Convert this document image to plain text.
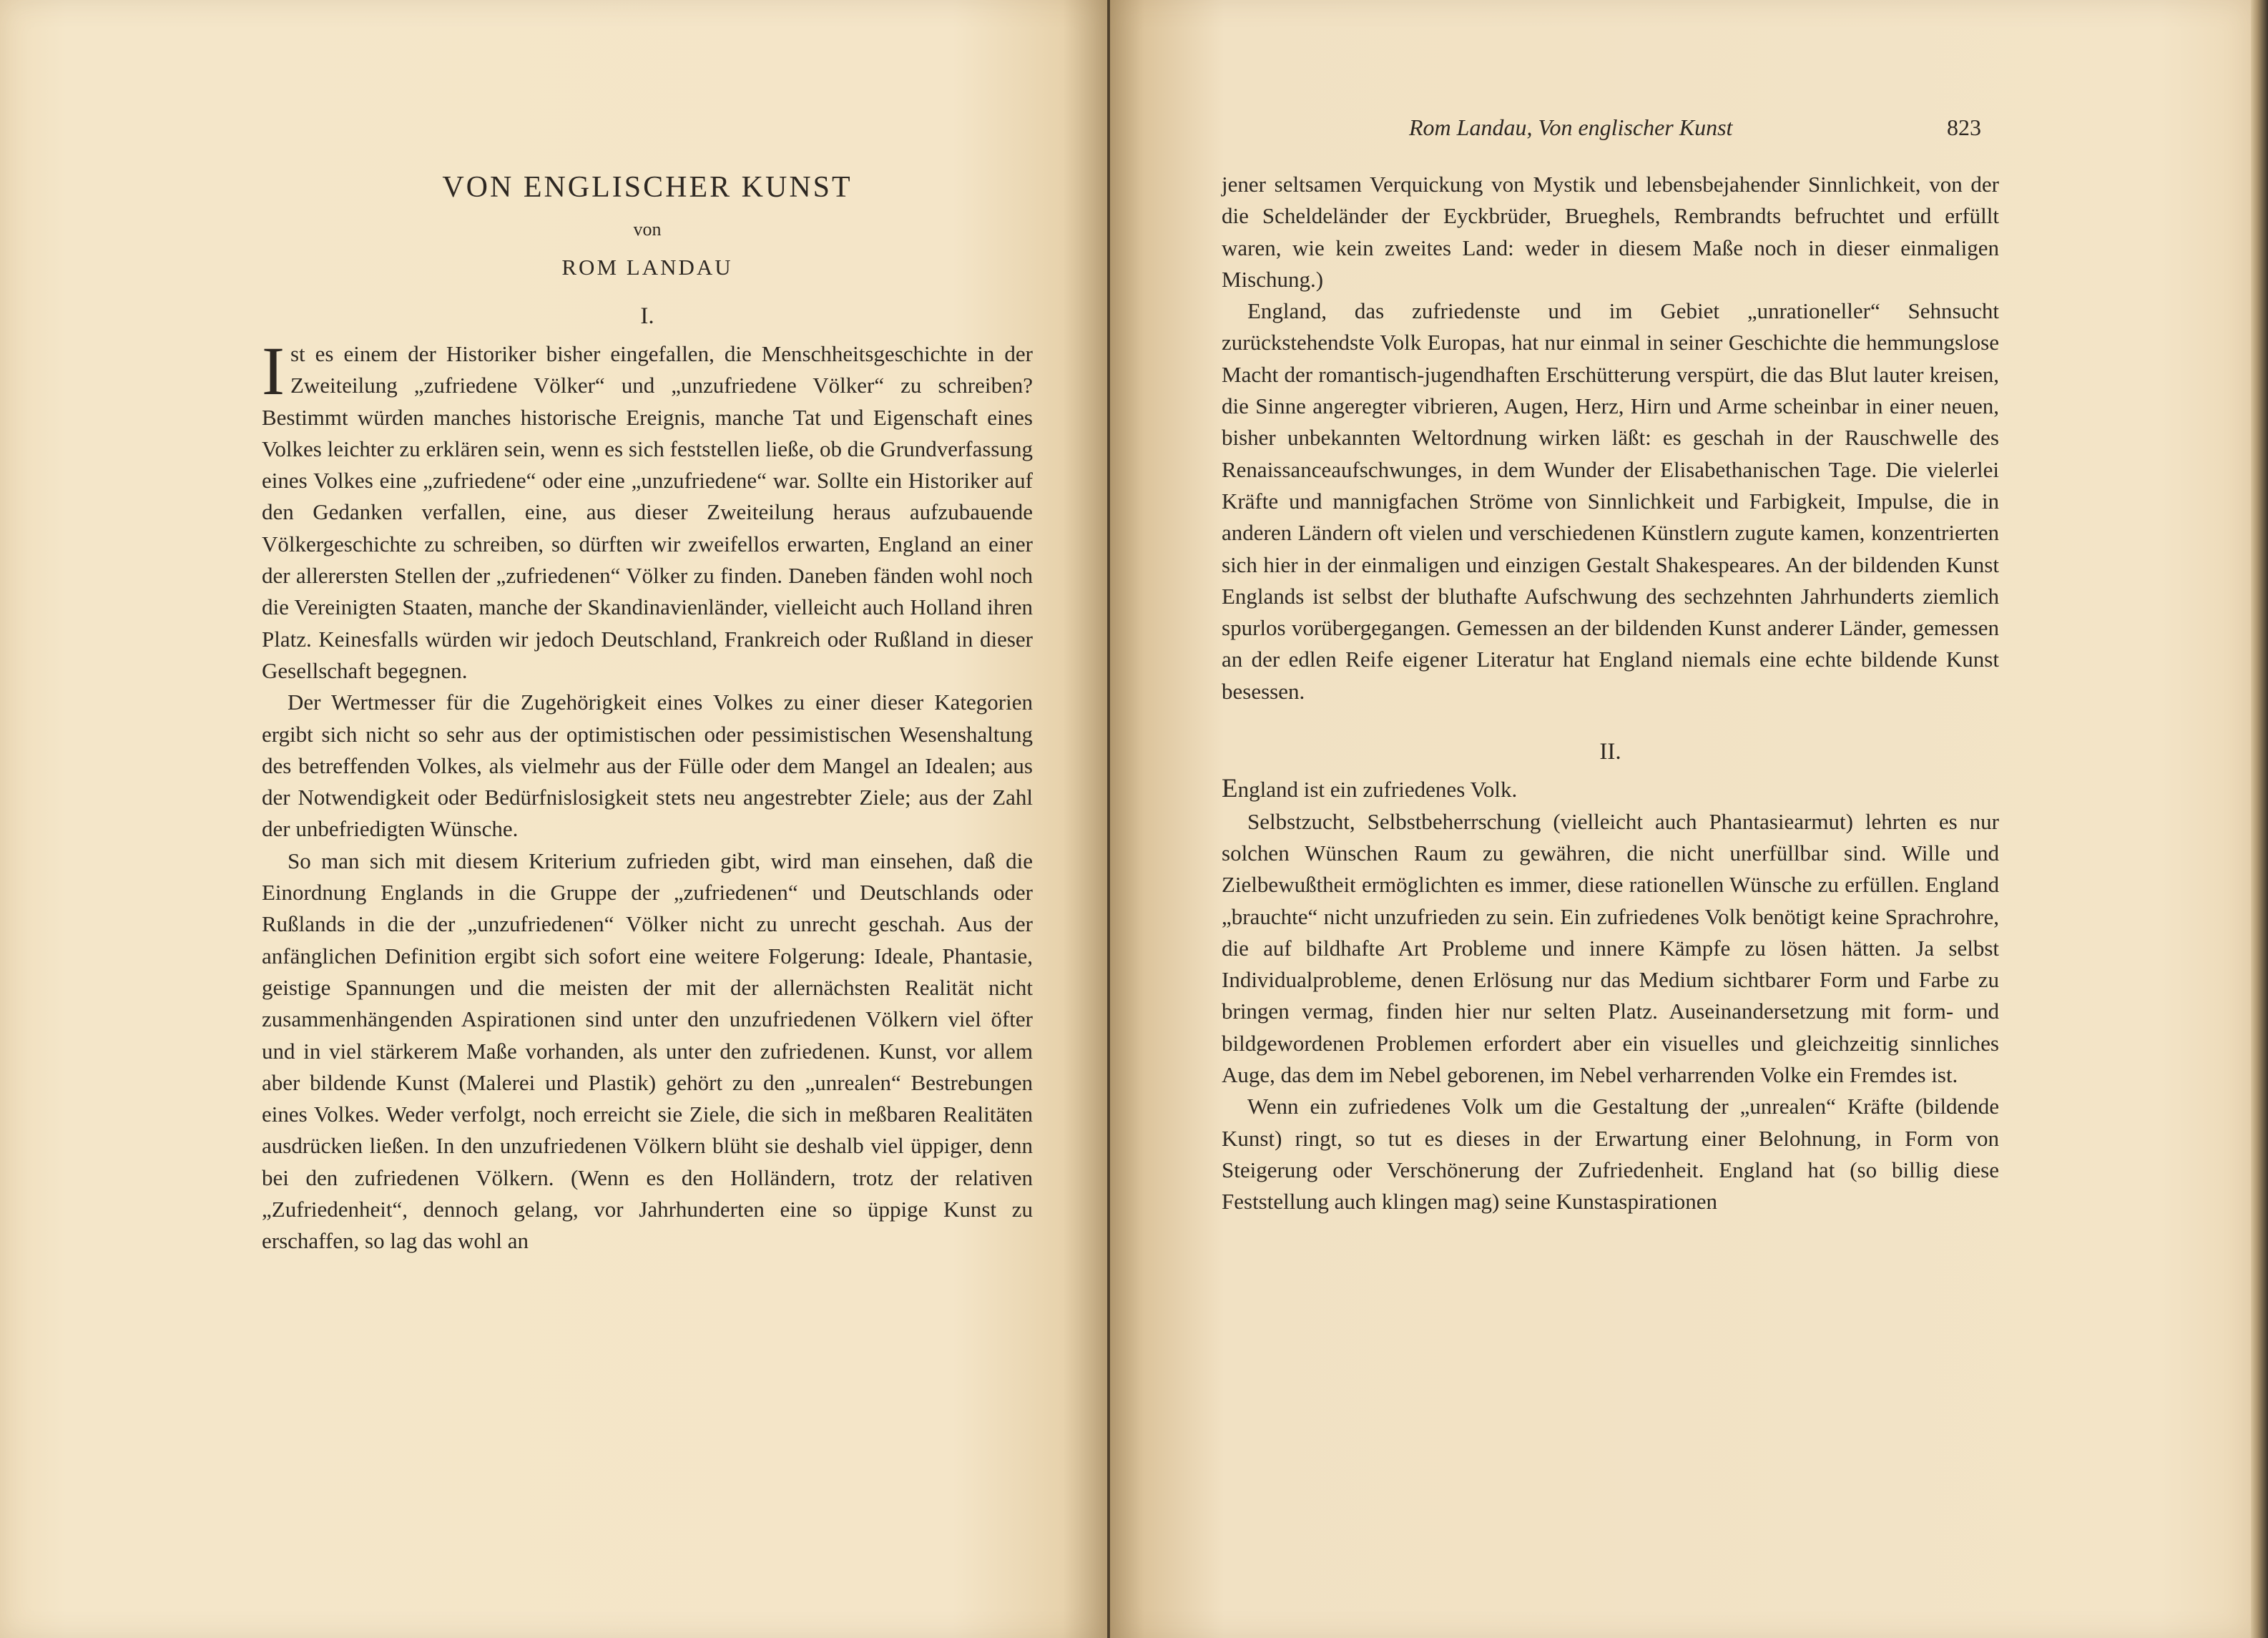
VON ENGLISCHER KUNST
von
ROM LANDAU
I.

Ist es einem der Historiker bisher eingefallen, die Menschheitsgeschichte in der Zweiteilung „zufriedene Völker“ und „unzufriedene Völker“ zu schreiben? Bestimmt würden manches historische Ereignis, manche Tat und Eigenschaft eines Volkes leichter zu erklären sein, wenn es sich feststellen ließe, ob die Grundverfassung eines Volkes eine „zufriedene“ oder eine „unzufriedene“ war. Sollte ein Historiker auf den Gedanken verfallen, eine, aus dieser Zweiteilung heraus aufzubauende Völkergeschichte zu schreiben, so dürften wir zweifellos erwarten, England an einer der allerersten Stellen der „zufriedenen“ Völker zu finden. Daneben fänden wohl noch die Vereinigten Staaten, manche der Skandinavienländer, vielleicht auch Holland ihren Platz. Keinesfalls würden wir jedoch Deutschland, Frankreich oder Rußland in dieser Gesellschaft begegnen.

Der Wertmesser für die Zugehörigkeit eines Volkes zu einer dieser Kategorien ergibt sich nicht so sehr aus der optimistischen oder pessimistischen Wesenshaltung des betreffenden Volkes, als vielmehr aus der Fülle oder dem Mangel an Idealen; aus der Notwendigkeit oder Bedürfnislosigkeit stets neu angestrebter Ziele; aus der Zahl der unbefriedigten Wünsche.

So man sich mit diesem Kriterium zufrieden gibt, wird man einsehen, daß die Einordnung Englands in die Gruppe der „zufriedenen“ und Deutschlands oder Rußlands in die der „unzufriedenen“ Völker nicht zu unrecht geschah. Aus der anfänglichen Definition ergibt sich sofort eine weitere Folgerung: Ideale, Phantasie, geistige Spannungen und die meisten der mit der allernächsten Realität nicht zusammenhängenden Aspirationen sind unter den unzufriedenen Völkern viel öfter und in viel stärkerem Maße vorhanden, als unter den zufriedenen. Kunst, vor allem aber bildende Kunst (Malerei und Plastik) gehört zu den „unrealen“ Bestrebungen eines Volkes. Weder verfolgt, noch erreicht sie Ziele, die sich in meßbaren Realitäten ausdrücken ließen. In den unzufriedenen Völkern blüht sie deshalb viel üppiger, denn bei den zufriedenen Völkern. (Wenn es den Holländern, trotz der relativen „Zufriedenheit“, dennoch gelang, vor Jahrhunderten eine so üppige Kunst zu erschaffen, so lag das wohl an

Rom Landau, Von englischer Kunst	823

jener seltsamen Verquickung von Mystik und lebensbejahender Sinnlichkeit, von der die Scheldeländer der Eyckbrüder, Brueghels, Rembrandts befruchtet und erfüllt waren, wie kein zweites Land: weder in diesem Maße noch in dieser einmaligen Mischung.)

England, das zufriedenste und im Gebiet „unrationeller“ Sehnsucht zurückstehendste Volk Europas, hat nur einmal in seiner Geschichte die hemmungslose Macht der romantisch-jugendhaften Erschütterung verspürt, die das Blut lauter kreisen, die Sinne angeregter vibrieren, Augen, Herz, Hirn und Arme scheinbar in einer neuen, bisher unbekannten Weltordnung wirken läßt: es geschah in der Rauschwelle des Renaissanceaufschwunges, in dem Wunder der Elisabethanischen Tage. Die vielerlei Kräfte und mannigfachen Ströme von Sinnlichkeit und Farbigkeit, Impulse, die in anderen Ländern oft vielen und verschiedenen Künstlern zugute kamen, konzentrierten sich hier in der einmaligen und einzigen Gestalt Shakespeares. An der bildenden Kunst Englands ist selbst der bluthafte Aufschwung des sechzehnten Jahrhunderts ziemlich spurlos vorübergegangen. Gemessen an der bildenden Kunst anderer Länder, gemessen an der edlen Reife eigener Literatur hat England niemals eine echte bildende Kunst besessen.

II.

England ist ein zufriedenes Volk.

Selbstzucht, Selbstbeherrschung (vielleicht auch Phantasiearmut) lehrten es nur solchen Wünschen Raum zu gewähren, die nicht unerfüllbar sind. Wille und Zielbewußtheit ermöglichten es immer, diese rationellen Wünsche zu erfüllen. England „brauchte“ nicht unzufrieden zu sein. Ein zufriedenes Volk benötigt keine Sprachrohre, die auf bildhafte Art Probleme und innere Kämpfe zu lösen hätten. Ja selbst Individualprobleme, denen Erlösung nur das Medium sichtbarer Form und Farbe zu bringen vermag, finden hier nur selten Platz. Auseinandersetzung mit form- und bildgewordenen Problemen erfordert aber ein visuelles und gleichzeitig sinnliches Auge, das dem im Nebel geborenen, im Nebel verharrenden Volke ein Fremdes ist.

Wenn ein zufriedenes Volk um die Gestaltung der „unrealen“ Kräfte (bildende Kunst) ringt, so tut es dieses in der Erwartung einer Belohnung, in Form von Steigerung oder Verschönerung der Zufriedenheit. England hat (so billig diese Feststellung auch klingen mag) seine Kunstaspirationen
